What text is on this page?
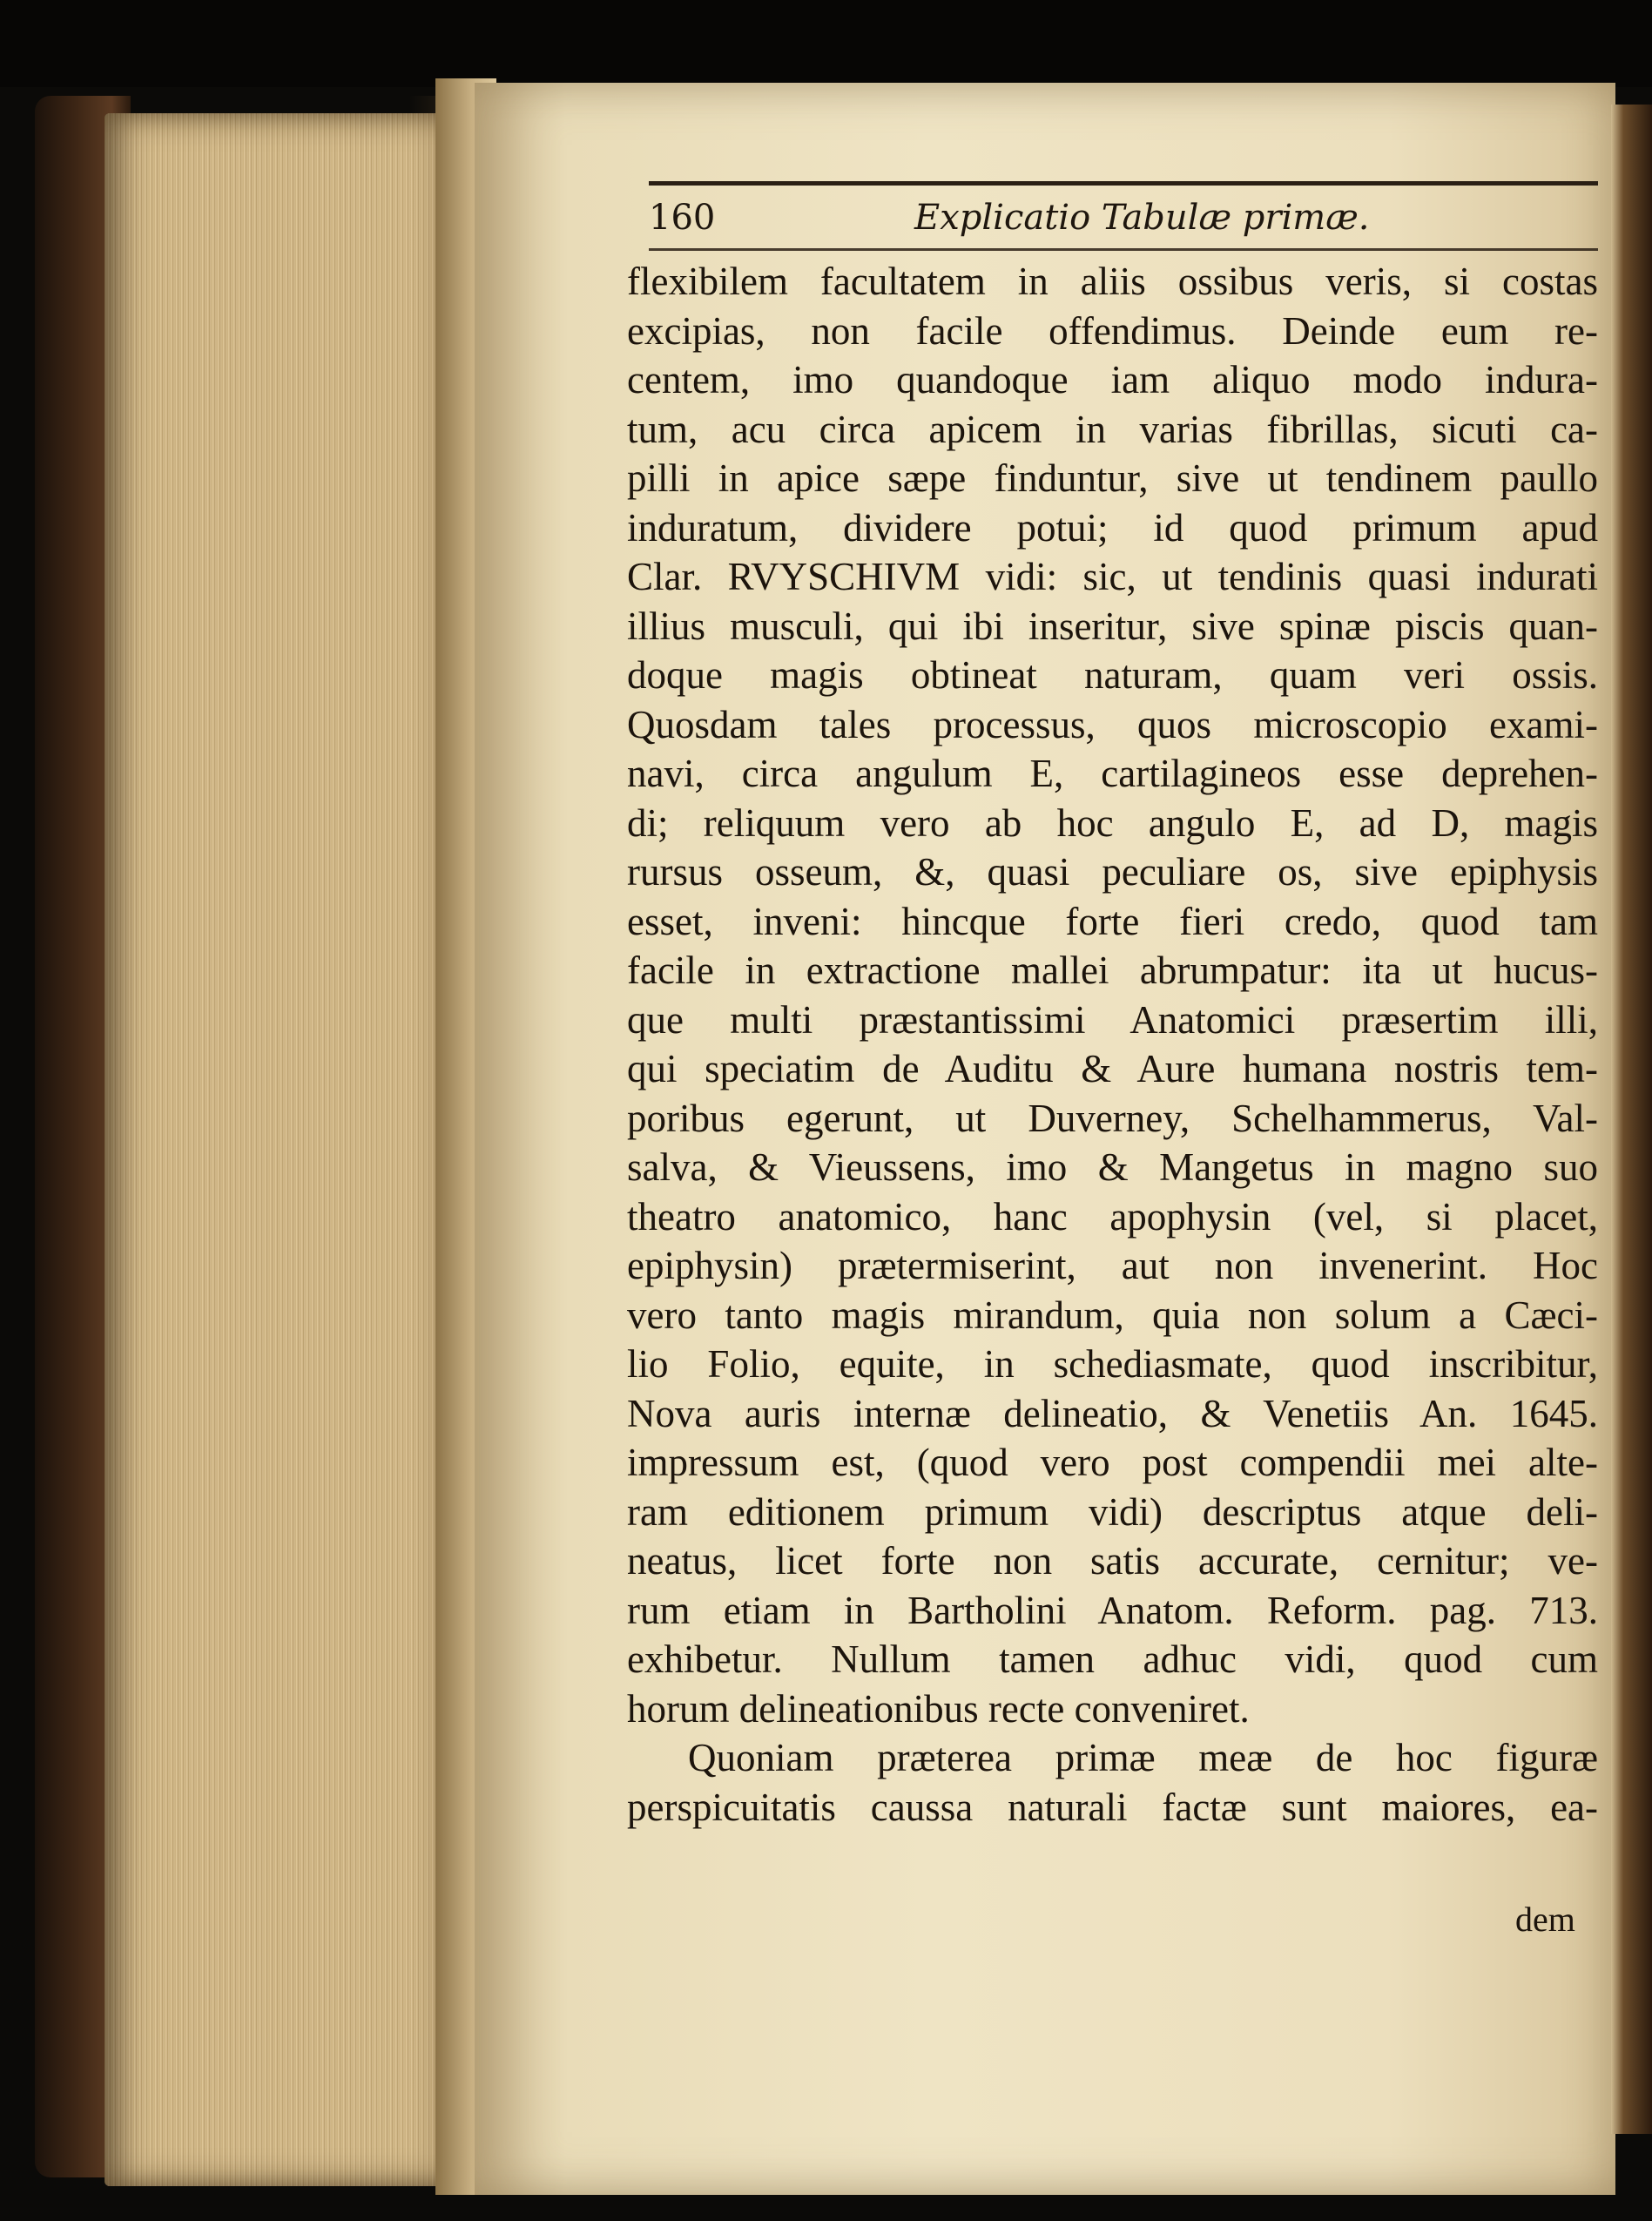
160	Explicatio Tabulæ primæ.
flexibilem facultatem in aliis ossibus veris, si costas
excipias, non facile offendimus. Deinde eum re-
centem, imo quandoque iam aliquo modo indura-
tum, acu circa apicem in varias fibrillas, sicuti ca-
pilli in apice sæpe finduntur, sive ut tendinem paullo
induratum, dividere potui; id quod primum apud
Clar. RVYSCHIVM vidi: sic, ut tendinis quasi indurati
illius musculi, qui ibi inseritur, sive spinæ piscis quan-
doque magis obtineat naturam, quam veri ossis.
Quosdam tales processus, quos microscopio exami-
navi, circa angulum E, cartilagineos esse deprehen-
di; reliquum vero ab hoc angulo E, ad D, magis
rursus osseum, &, quasi peculiare os, sive epiphysis
esset, inveni: hincque forte fieri credo, quod tam
facile in extractione mallei abrumpatur: ita ut hucus-
que multi præstantissimi Anatomici præsertim illi,
qui speciatim de Auditu & Aure humana nostris tem-
poribus egerunt, ut Duverney, Schelhammerus, Val-
salva, & Vieussens, imo & Mangetus in magno suo
theatro anatomico, hanc apophysin (vel, si placet,
epiphysin) prætermiserint, aut non invenerint. Hoc
vero tanto magis mirandum, quia non solum a Cæci-
lio Folio, equite, in schediasmate, quod inscribitur,
Nova auris internæ delineatio, & Venetiis An. 1645.
impressum est, (quod vero post compendii mei alte-
ram editionem primum vidi) descriptus atque deli-
neatus, licet forte non satis accurate, cernitur; ve-
rum etiam in Bartholini Anatom. Reform. pag. 713.
exhibetur. Nullum tamen adhuc vidi, quod cum
horum delineationibus recte conveniret.
Quoniam præterea primæ meæ de hoc figuræ
perspicuitatis caussa naturali factæ sunt maiores, ea-
dem
